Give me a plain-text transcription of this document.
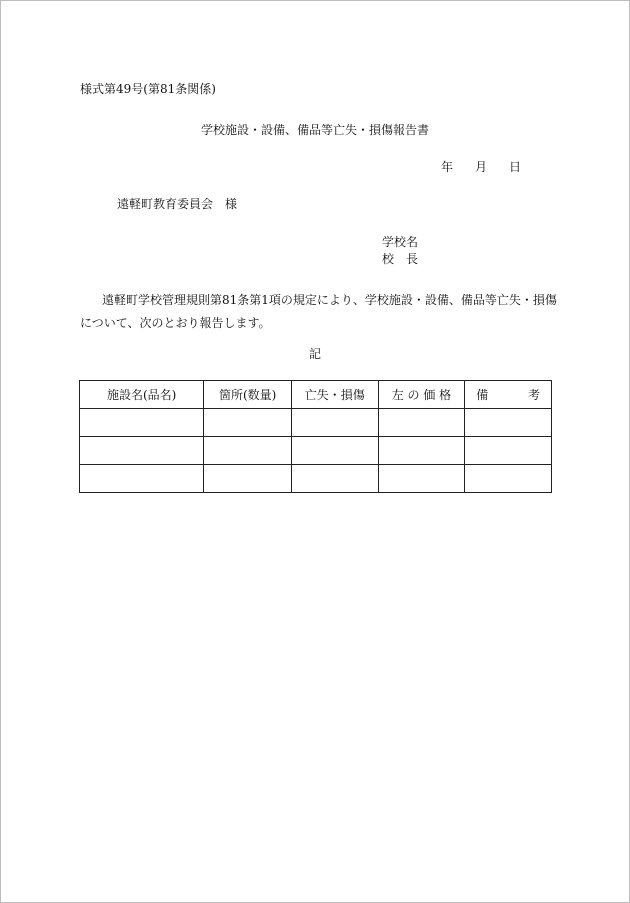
様式第49号(第81条関係)
学校施設・設備、備品等亡失・損傷報告書
年 月 日
遠軽町教育委員会 様
学校名
校 長

遠軽町学校管理規則第81条第1項の規定により、学校施設・設備、備品等亡失・損傷について、次のとおり報告します。

記
施設名(品名)	箇所(数量)	亡失・損傷	左 の 価 格	備 考
